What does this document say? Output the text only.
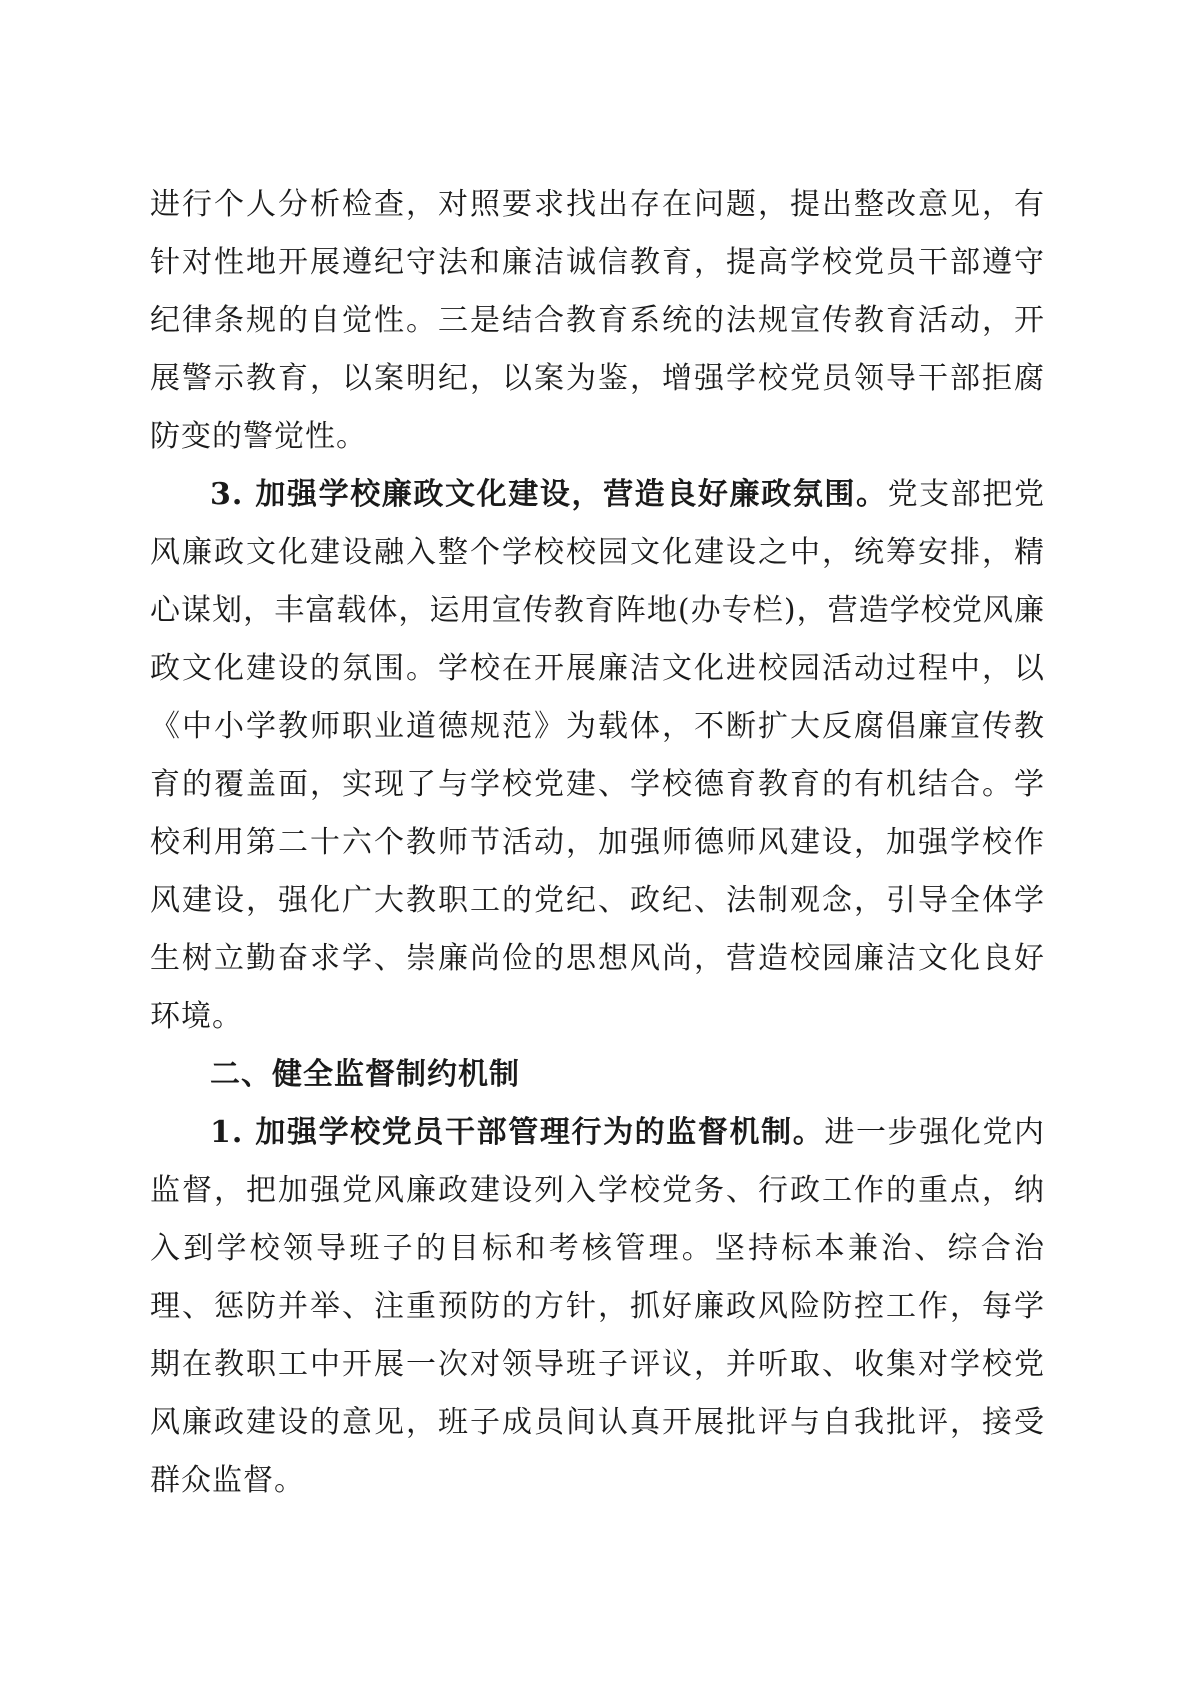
进行个人分析检查，对照要求找出存在问题，提出整改意见，有针对性地开展遵纪守法和廉洁诚信教育，提高学校党员干部遵守纪律条规的自觉性。三是结合教育系统的法规宣传教育活动，开展警示教育，以案明纪，以案为鉴，增强学校党员领导干部拒腐防变的警觉性。

3. 加强学校廉政文化建设，营造良好廉政氛围。党支部把党风廉政文化建设融入整个学校校园文化建设之中，统筹安排，精心谋划，丰富载体，运用宣传教育阵地(办专栏)，营造学校党风廉政文化建设的氛围。学校在开展廉洁文化进校园活动过程中，以《中小学教师职业道德规范》为载体，不断扩大反腐倡廉宣传教育的覆盖面，实现了与学校党建、学校德育教育的有机结合。学校利用第二十六个教师节活动，加强师德师风建设，加强学校作风建设，强化广大教职工的党纪、政纪、法制观念，引导全体学生树立勤奋求学、崇廉尚俭的思想风尚，营造校园廉洁文化良好环境。

二、健全监督制约机制

1. 加强学校党员干部管理行为的监督机制。进一步强化党内监督，把加强党风廉政建设列入学校党务、行政工作的重点，纳入到学校领导班子的目标和考核管理。坚持标本兼治、综合治理、惩防并举、注重预防的方针，抓好廉政风险防控工作，每学期在教职工中开展一次对领导班子评议，并听取、收集对学校党风廉政建设的意见，班子成员间认真开展批评与自我批评，接受群众监督。
